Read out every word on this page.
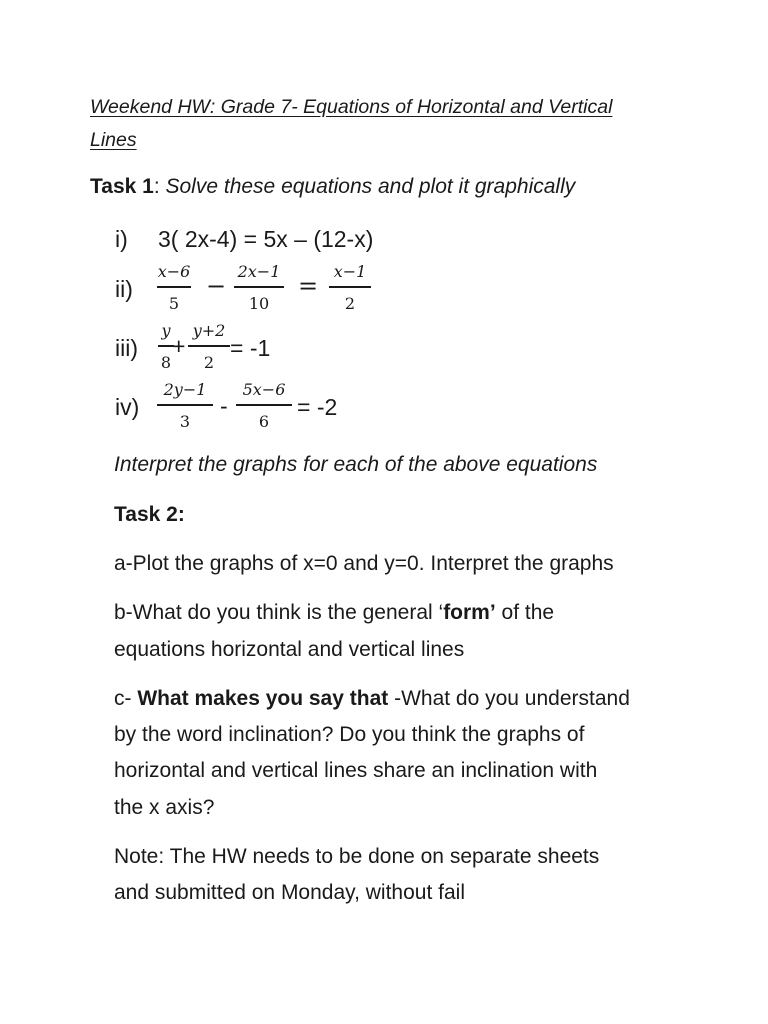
Weekend HW: Grade 7- Equations of Horizontal and Vertical
Lines
Task 1: Solve these equations and plot it graphically
i) 3( 2x-4) = 5x – (12-x)
ii)
x−6
5
−
2x−1
10
=
x−1
2
iii)
y
8
+
y+2
2
= -1
iv)
2y−1
3
-
5x−6
6
= -2
Interpret the graphs for each of the above equations
Task 2:
a-Plot the graphs of x=0 and y=0. Interpret the graphs
b-What do you think is the general ‘form’ of the
equations horizontal and vertical lines
c- What makes you say that -What do you understand
by the word inclination? Do you think the graphs of
horizontal and vertical lines share an inclination with
the x axis?
Note: The HW needs to be done on separate sheets
and submitted on Monday, without fail
